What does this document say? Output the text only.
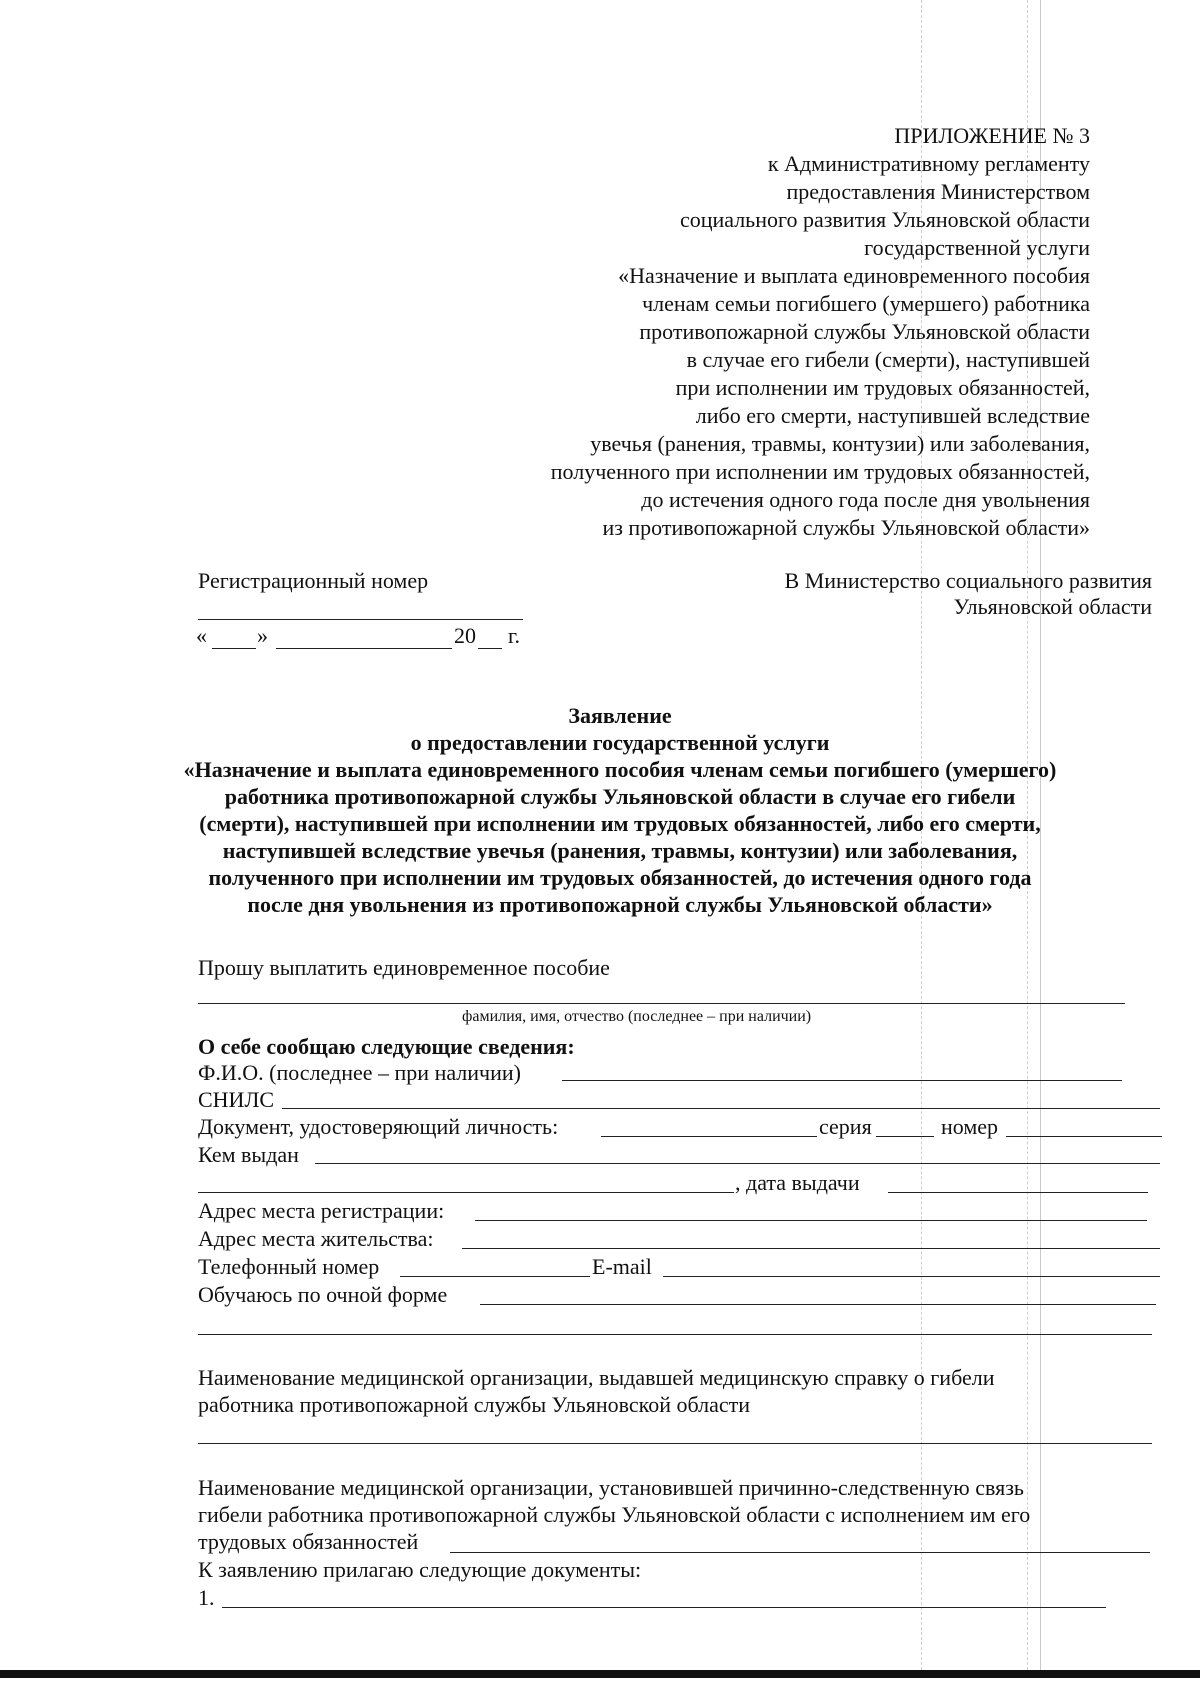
ПРИЛОЖЕНИЕ № 3
к Административному регламенту
предоставления Министерством
социального развития Ульяновской области
государственной услуги
«Назначение и выплата единовременного пособия
членам семьи погибшего (умершего) работника
противопожарной службы Ульяновской области
в случае его гибели (смерти), наступившей
при исполнении им трудовых обязанностей,
либо его смерти, наступившей вследствие
увечья (ранения, травмы, контузии) или заболевания,
полученного при исполнении им трудовых обязанностей,
до истечения одного года после дня увольнения
из противопожарной службы Ульяновской области»
Регистрационный номер
« »	20 г.
В Министерство социального развития
Ульяновской области
Заявление
о предоставлении государственной услуги
«Назначение и выплата единовременного пособия членам семьи погибшего (умершего)
работника противопожарной службы Ульяновской области в случае его гибели
(смерти), наступившей при исполнении им трудовых обязанностей, либо его смерти,
наступившей вследствие увечья (ранения, травмы, контузии) или заболевания,
полученного при исполнении им трудовых обязанностей, до истечения одного года
после дня увольнения из противопожарной службы Ульяновской области»
Прошу выплатить единовременное пособие
фамилия, имя, отчество (последнее – при наличии)
О себе сообщаю следующие сведения:
Ф.И.О. (последнее – при наличии)
СНИЛС
Документ, удостоверяющий личность:	серия	номер
Кем выдан
, дата выдачи
Адрес места регистрации:
Адрес места жительства:
Телефонный номер	E-mail
Обучаюсь по очной форме
Наименование медицинской организации, выдавшей медицинскую справку о гибели
работника противопожарной службы Ульяновской области
Наименование медицинской организации, установившей причинно-следственную связь
гибели работника противопожарной службы Ульяновской области с исполнением им его
трудовых обязанностей
К заявлению прилагаю следующие документы:
1.
